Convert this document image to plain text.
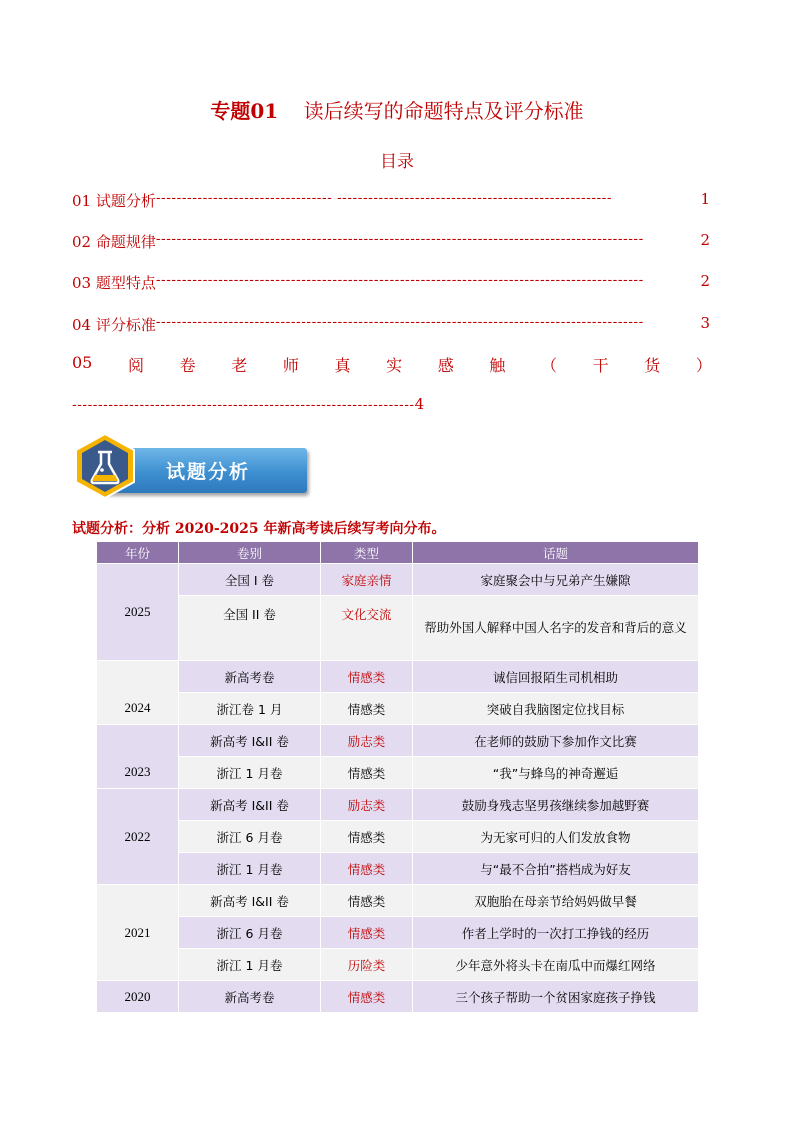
专题01 读后续写的命题特点及评分标准
目录
01 试题分析 ---------------------------------- -----------------------------------------------------	1
02 命题规律 ----------------------------------------------------------------------------------------------	2
03 题型特点 ----------------------------------------------------------------------------------------------	2
04 评分标准 ----------------------------------------------------------------------------------------------	3
05 阅 卷 老 师 真 实 感 触 （ 干 货 ）
------------------------------------------------------------------4
试题分析
试题分析：分析 2020-2025 年新高考读后续写考向分布。
年份	卷别	类型	话题
2025	全国 I 卷	家庭亲情	家庭聚会中与兄弟产生嫌隙
	全国 II 卷	文化交流	帮助外国人解释中国人名字的发音和背后的意义
2024	新高考卷	情感类	诚信回报陌生司机相助
	浙江卷 1 月	情感类	突破自我脑图定位找目标
2023	新高考 I&II 卷	励志类	在老师的鼓励下参加作文比赛
	浙江 1 月卷	情感类	“我”与蜂鸟的神奇邂逅
2022	新高考 I&II 卷	励志类	鼓励身残志坚男孩继续参加越野赛
	浙江 6 月卷	情感类	为无家可归的人们发放食物
	浙江 1 月卷	情感类	与“最不合拍”搭档成为好友
2021	新高考 I&II 卷	情感类	双胞胎在母亲节给妈妈做早餐
	浙江 6 月卷	情感类	作者上学时的一次打工挣钱的经历
	浙江 1 月卷	历险类	少年意外将头卡在南瓜中而爆红网络
2020	新高考卷	情感类	三个孩子帮助一个贫困家庭孩子挣钱
